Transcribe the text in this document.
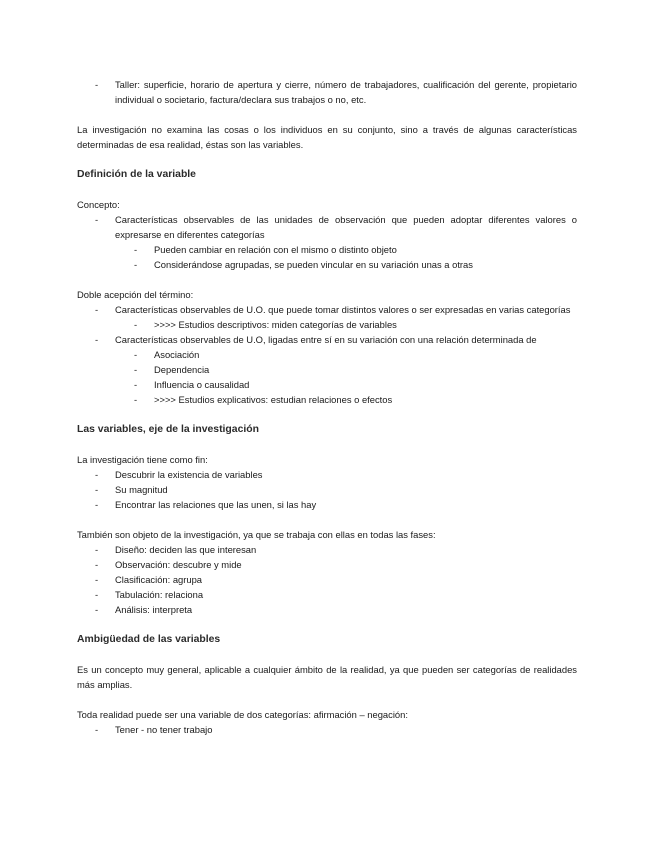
- Taller: superficie, horario de apertura y cierre, número de trabajadores, cualificación del gerente, propietario individual o societario, factura/declara sus trabajos o no, etc.

La investigación no examina las cosas o los individuos en su conjunto, sino a través de algunas características determinadas de esa realidad, éstas son las variables.

Definición de la variable

Concepto:

- Características observables de las unidades de observación que pueden adoptar diferentes valores o expresarse en diferentes categorías
- Pueden cambiar en relación con el mismo o distinto objeto
- Considerándose agrupadas, se pueden vincular en su variación unas a otras

Doble acepción del término:

- Características observables de U.O. que puede tomar distintos valores o ser expresadas en varias categorías
- >>>> Estudios descriptivos: miden categorías de variables
- Características observables de U.O, ligadas entre sí en su variación con una relación determinada de
- Asociación
- Dependencia
- Influencia o causalidad
- >>>> Estudios explicativos: estudian relaciones o efectos
Las variables, eje de la investigación

La investigación tiene como fin:

- Descubrir la existencia de variables
- Su magnitud
- Encontrar las relaciones que las unen, si las hay

También son objeto de la investigación, ya que se trabaja con ellas en todas las fases:

- Diseño: deciden las que interesan
- Observación: descubre y mide
- Clasificación: agrupa
- Tabulación: relaciona
- Análisis: interpreta
Ambigüedad de las variables

Es un concepto muy general, aplicable a cualquier ámbito de la realidad, ya que pueden ser categorías de realidades más amplias.

Toda realidad puede ser una variable de dos categorías: afirmación – negación:

- Tener - no tener trabajo
